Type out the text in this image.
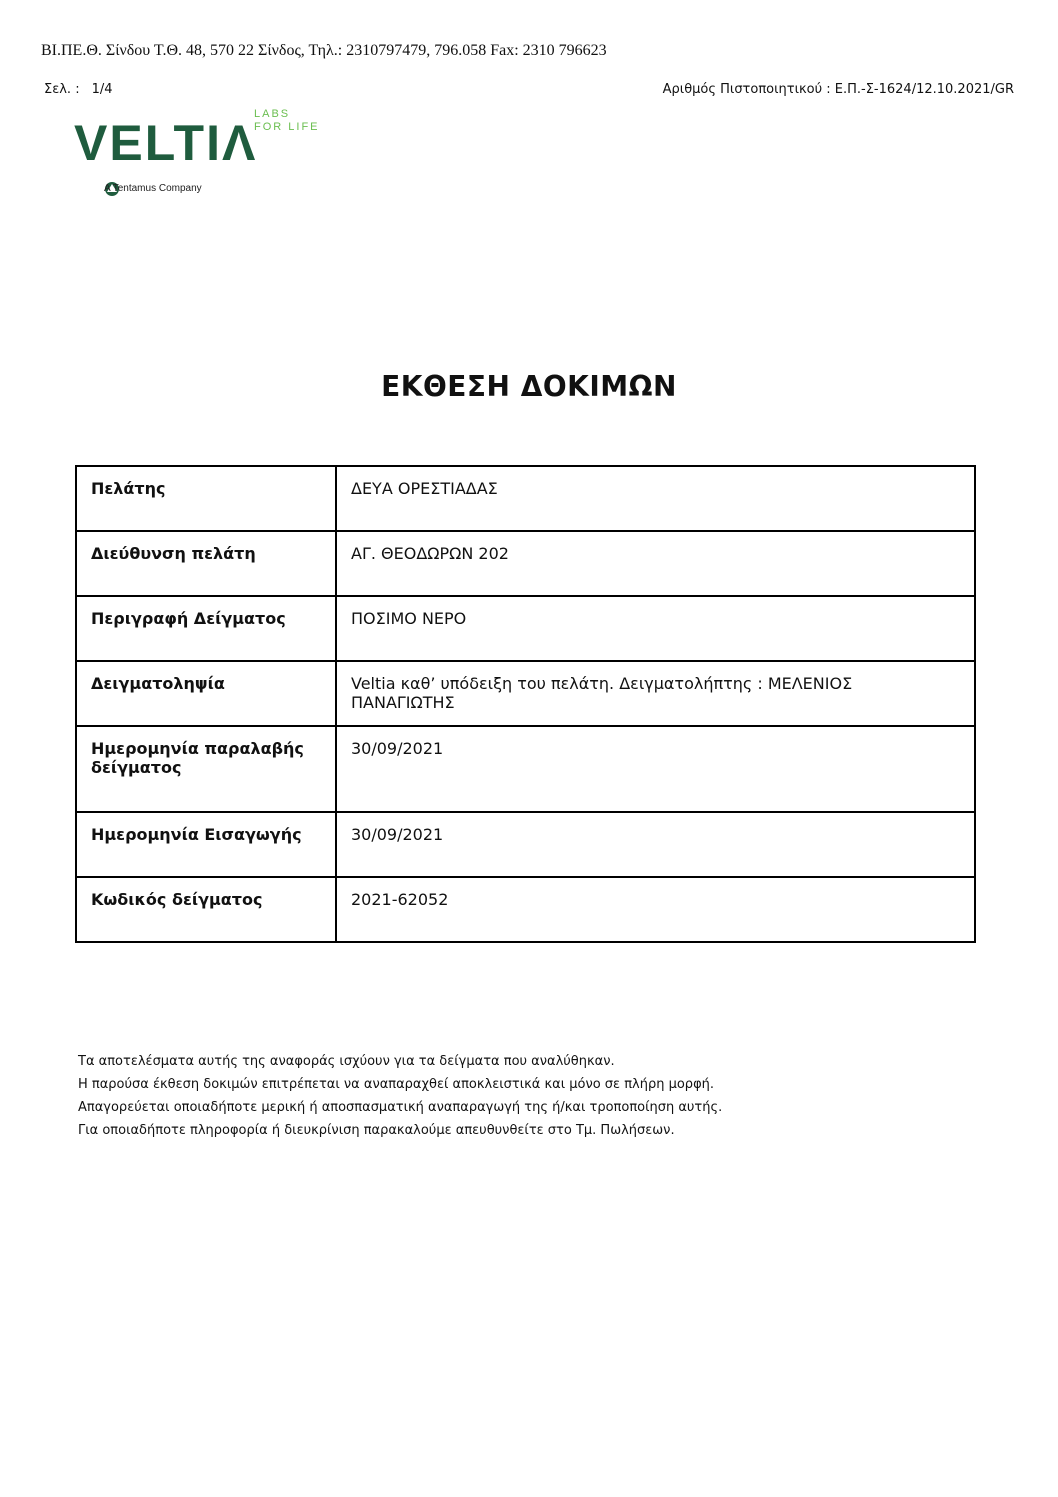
ΒΙ.ΠΕ.Θ. Σίνδου Τ.Θ. 48, 570 22 Σίνδος, Τηλ.: 2310797479, 796.058 Fax: 2310 796623
Σελ. : 1/4	Αριθμός Πιστοποιητικού : Ε.Π.-Σ-1624/12.10.2021/GR
VELTIΛ
LABS
FOR LIFE
A Tentamus Company
ΕΚΘΕΣΗ ΔΟΚΙΜΩΝ
Πελάτης	ΔΕΥΑ ΟΡΕΣΤΙΑΔΑΣ
Διεύθυνση πελάτη	ΑΓ. ΘΕΟΔΩΡΩΝ 202
Περιγραφή Δείγματος	ΠΟΣΙΜΟ ΝΕΡΟ
Δειγματοληψία	Veltia καθ’ υπόδειξη του πελάτη. Δειγματολήπτης : ΜΕΛΕΝΙΟΣ ΠΑΝΑΓΙΩΤΗΣ
Ημερομηνία παραλαβής δείγματος	30/09/2021
Ημερομηνία Εισαγωγής	30/09/2021
Κωδικός δείγματος	2021-62052

Τα αποτελέσματα αυτής της αναφοράς ισχύουν για τα δείγματα που αναλύθηκαν.

Η παρούσα έκθεση δοκιμών επιτρέπεται να αναπαραχθεί αποκλειστικά και μόνο σε πλήρη μορφή.

Απαγορεύεται οποιαδήποτε μερική ή αποσπασματική αναπαραγωγή της ή/και τροποποίηση αυτής.

Για οποιαδήποτε πληροφορία ή διευκρίνιση παρακαλούμε απευθυνθείτε στο Τμ. Πωλήσεων.
